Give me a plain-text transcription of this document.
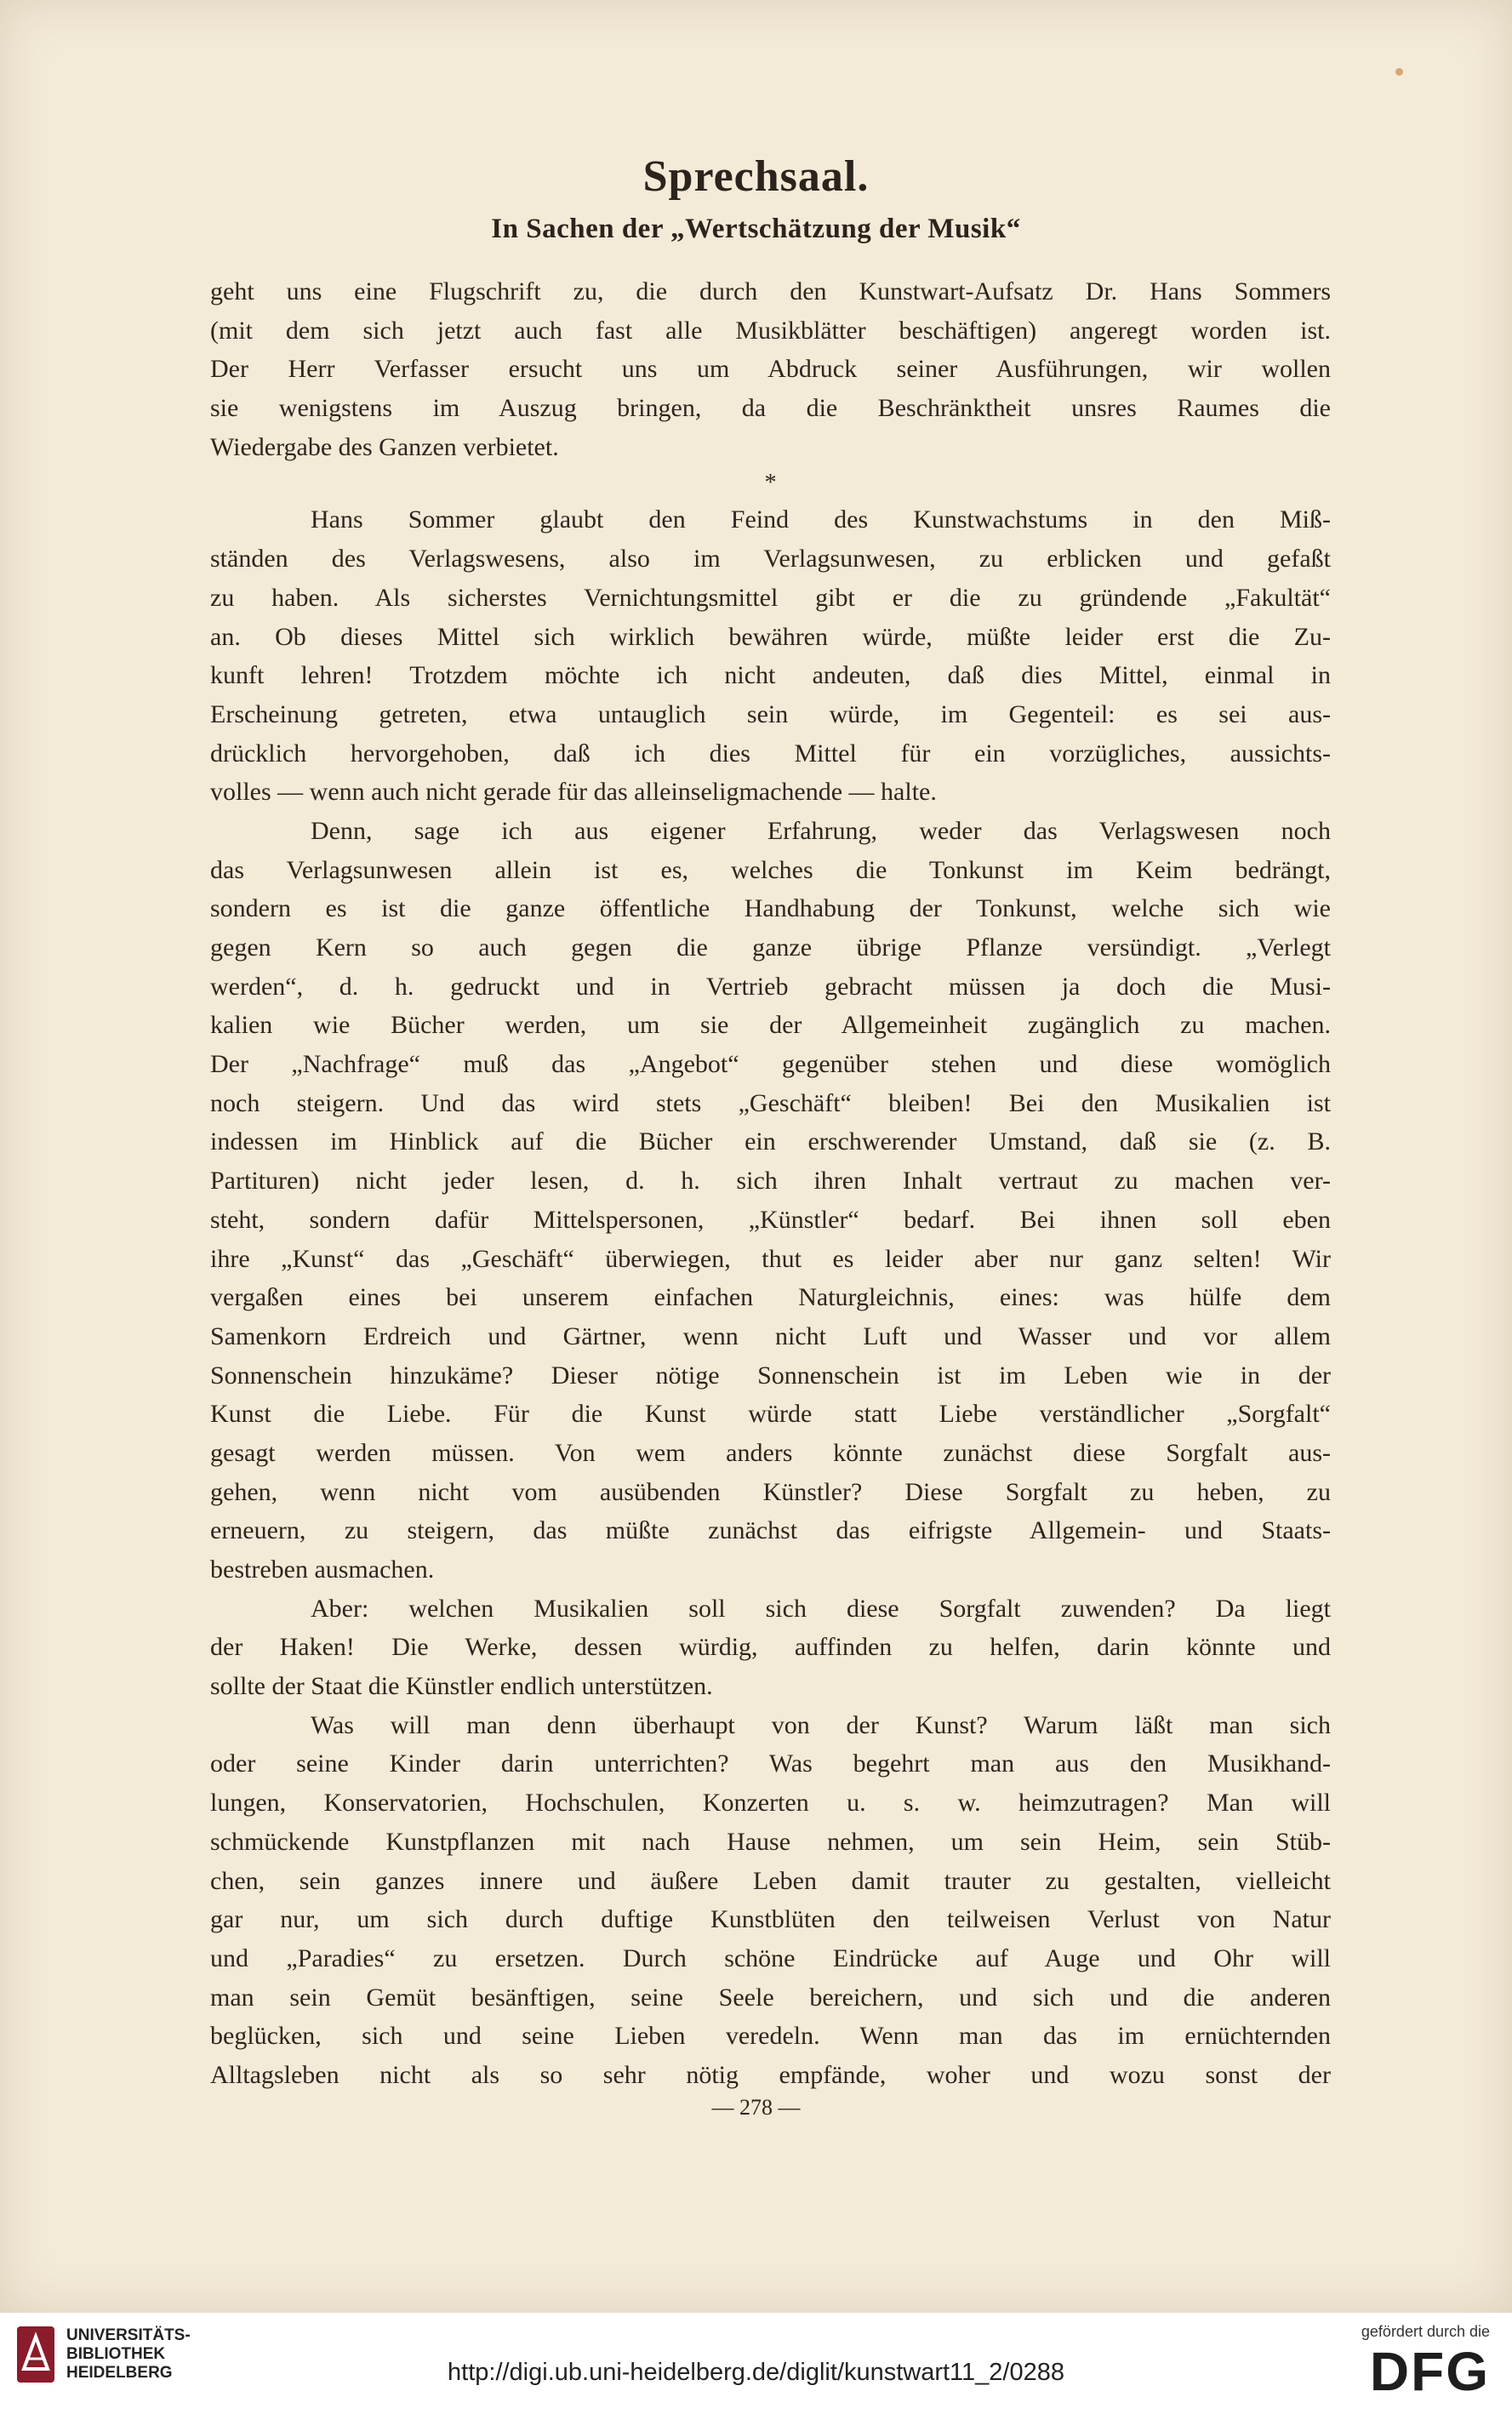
Sprechsaal.
In Sachen der „Wertschätzung der Musik“
geht uns eine Flugschrift zu, die durch den Kunstwart-Aufsatz Dr. Hans Sommers
(mit dem sich jetzt auch fast alle Musikblätter beschäftigen) angeregt worden ist.
Der Herr Verfasser ersucht uns um Abdruck seiner Ausführungen, wir wollen
sie wenigstens im Auszug bringen, da die Beschränktheit unsres Raumes die
Wiedergabe des Ganzen verbietet.
*
Hans Sommer glaubt den Feind des Kunstwachstums in den Miß-
ständen des Verlagswesens, also im Verlagsunwesen, zu erblicken und gefaßt
zu haben. Als sicherstes Vernichtungsmittel gibt er die zu gründende „Fakultät“
an. Ob dieses Mittel sich wirklich bewähren würde, müßte leider erst die Zu-
kunft lehren! Trotzdem möchte ich nicht andeuten, daß dies Mittel, einmal in
Erscheinung getreten, etwa untauglich sein würde, im Gegenteil: es sei aus-
drücklich hervorgehoben, daß ich dies Mittel für ein vorzügliches, aussichts-
volles — wenn auch nicht gerade für das alleinseligmachende — halte.
Denn, sage ich aus eigener Erfahrung, weder das Verlagswesen noch
das Verlagsunwesen allein ist es, welches die Tonkunst im Keim bedrängt,
sondern es ist die ganze öffentliche Handhabung der Tonkunst, welche sich wie
gegen Kern so auch gegen die ganze übrige Pflanze versündigt. „Verlegt
werden“, d. h. gedruckt und in Vertrieb gebracht müssen ja doch die Musi-
kalien wie Bücher werden, um sie der Allgemeinheit zugänglich zu machen.
Der „Nachfrage“ muß das „Angebot“ gegenüber stehen und diese womöglich
noch steigern. Und das wird stets „Geschäft“ bleiben! Bei den Musikalien ist
indessen im Hinblick auf die Bücher ein erschwerender Umstand, daß sie (z. B.
Partituren) nicht jeder lesen, d. h. sich ihren Inhalt vertraut zu machen ver-
steht, sondern dafür Mittelspersonen, „Künstler“ bedarf. Bei ihnen soll eben
ihre „Kunst“ das „Geschäft“ überwiegen, thut es leider aber nur ganz selten! Wir
vergaßen eines bei unserem einfachen Naturgleichnis, eines: was hülfe dem
Samenkorn Erdreich und Gärtner, wenn nicht Luft und Wasser und vor allem
Sonnenschein hinzukäme? Dieser nötige Sonnenschein ist im Leben wie in der
Kunst die Liebe. Für die Kunst würde statt Liebe verständlicher „Sorgfalt“
gesagt werden müssen. Von wem anders könnte zunächst diese Sorgfalt aus-
gehen, wenn nicht vom ausübenden Künstler? Diese Sorgfalt zu heben, zu
erneuern, zu steigern, das müßte zunächst das eifrigste Allgemein- und Staats-
bestreben ausmachen.
Aber: welchen Musikalien soll sich diese Sorgfalt zuwenden? Da liegt
der Haken! Die Werke, dessen würdig, auffinden zu helfen, darin könnte und
sollte der Staat die Künstler endlich unterstützen.
Was will man denn überhaupt von der Kunst? Warum läßt man sich
oder seine Kinder darin unterrichten? Was begehrt man aus den Musikhand-
lungen, Konservatorien, Hochschulen, Konzerten u. s. w. heimzutragen? Man will
schmückende Kunstpflanzen mit nach Hause nehmen, um sein Heim, sein Stüb-
chen, sein ganzes innere und äußere Leben damit trauter zu gestalten, vielleicht
gar nur, um sich durch duftige Kunstblüten den teilweisen Verlust von Natur
und „Paradies“ zu ersetzen. Durch schöne Eindrücke auf Auge und Ohr will
man sein Gemüt besänftigen, seine Seele bereichern, und sich und die anderen
beglücken, sich und seine Lieben veredeln. Wenn man das im ernüchternden
Alltagsleben nicht als so sehr nötig empfände, woher und wozu sonst der
— 278 —
UNIVERSITÄTS-
BIBLIOTHEK
HEIDELBERG	http://digi.ub.uni-heidelberg.de/diglit/kunstwart11_2/0288
gefördert durch die
DFG
